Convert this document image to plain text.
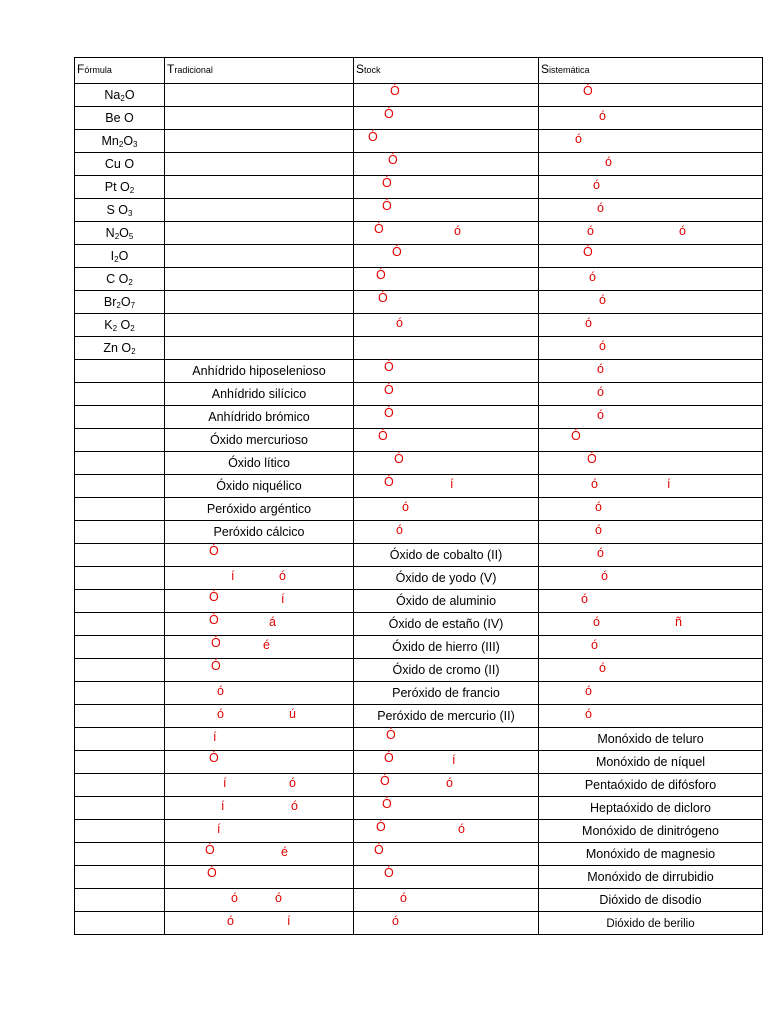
Fórmula	Tradicional	Stock	Sistemática
$Na_2O$		Ó	Ó

Be O		Ó	ó

$Mn_2O_3$		Ó	ó

Cu O		Ó	ó

Pt $O_2$		Ó	ó

S $O_3$		Ó	ó

$N_2O_5$		Ó ó	ó ó

$I_2O$		Ó	Ó

C $O_2$		Ó	ó

$Br_2O_7$		Ó	ó

$K_2$ $O_2$		ó	ó

Zn $O_2$			ó

	Anhídrido hiposelenioso	Ó	ó

	Anhídrido silícico	Ó	ó

	Anhídrido brómico	Ó	ó

	Óxido mercurioso	Ó	Ó

	Óxido lítico	Ó	Ó

	Óxido niquélico	Ó í	ó í

	Peróxido argéntico	ó	ó

	Peróxido cálcico	ó	ó

	Ó	Óxido de cobalto (II)	ó

	í ó	Óxido de yodo (V)	ó

	Ó í	Óxido de aluminio	ó

	Ó á	Óxido de estaño (IV)	ó ñ

	Ó é	Óxido de hierro (III)	ó

	Ó	Óxido de cromo (II)	ó

	ó	Peróxido de francio	ó

	ó ú	Peróxido de mercurio (II)	ó

	í	Ó	Monóxido de teluro

	Ó	Ó í	Monóxido de níquel

	í ó	Ó ó	Pentaóxido de difósforo

	í ó	Ó	Heptaóxido de dicloro

	í	Ó ó	Monóxido de dinitrógeno

	Ó é	Ó	Monóxido de magnesio

	Ó	Ó	Monóxido de dirrubidio

	ó ó	ó	Dióxido de disodio

	ó í	ó	Dióxido de berilio
